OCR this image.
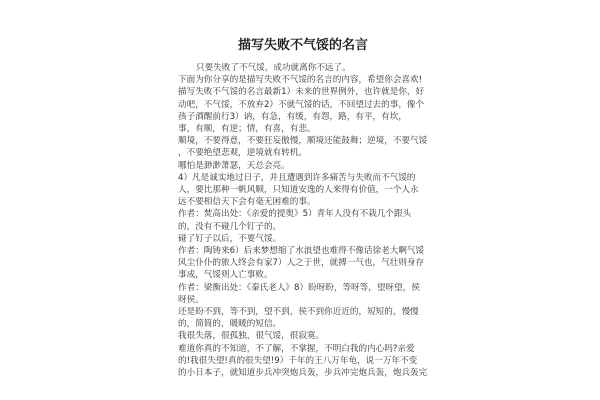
描写失败不气馁的名言
只要失败了不气馁，成功就离你不远了。
下面为你分享的是描写失败不气馁的名言的内容，希望你会喜欢!
描写失败不气馁的名言最新1）未来的世界例外，也许就是你，好
动吧，不气馁，不放弃2）不就气馁的话，不回望过去的事，像个
孩子酒醒前行3）讷，有急，有缓，有怨，路，有平，有坎，
事，有顺，有逆；情，有喜，有悲。
顺境，不要得意，不要狂妄傲慢，顺境还能鼓舞；逆境，不要气馁
，不要绝望悲观，逆境就有转机。
哪怕是渺渺萧瑟，天总会亮。
4）凡是诚实地过日子，并且遭遇到许多痛苦与失败而不气馁的
人，要比那种一帆风顺，只知道安逸的人来得有价值，一个人永
远不要相信天下会有毫无困难的事。
作者：焚高出处：《亲爱的提奥》5）青年人没有不栽几个跟头
的，没有不碰几个钉子的。
碰了钉子以后，不要气馁。
作者：陶铸来6）后来梦想缩了水浪望也难得不像话徐老大啊气馁
风尘仆仆的旅人终会有家7）人之于世，就搏一气也，气壮则身存
事成，气馁则人亡事败。
作者：梁衡出处：《秦氏老人》8）盼呀盼，等呀等，望呀望，侯
呀侯。
还是盼不到，等不到，望不到，侯不到你近近的，短短的，慢慢
的，简简的，暖暖的短信。
我很失落，很孤独，很气馁，很寂寞。
难道你真的不知道，不了解，不掌握，不明白我的内心吗?亲爱
的!我很失望!真的很失望!9）千年的王八万年龟，说一万年不变
的小日本子，就知道步兵冲突炮兵轰，步兵冲完炮兵轰，炮兵轰完
